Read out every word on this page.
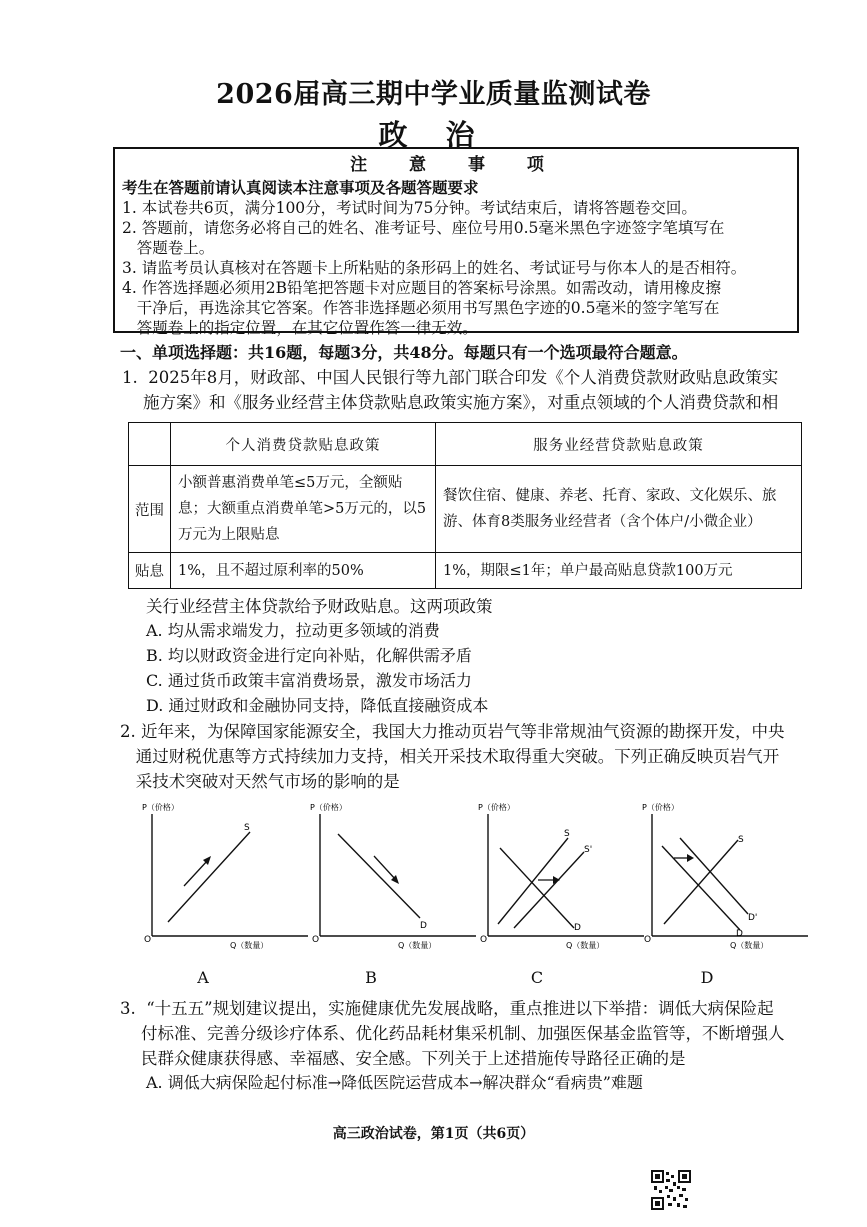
2026届高三期中学业质量监测试卷
政 治
注 意 事 项
考生在答题前请认真阅读本注意事项及各题答题要求
1. 本试卷共6页，满分100分，考试时间为75分钟。考试结束后，请将答题卷交回。
2. 答题前，请您务必将自己的姓名、准考证号、座位号用0.5毫米黑色字迹签字笔填写在
答题卷上。
3. 请监考员认真核对在答题卡上所粘贴的条形码上的姓名、考试证号与你本人的是否相符。
4. 作答选择题必须用2B铅笔把答题卡对应题目的答案标号涂黑。如需改动，请用橡皮擦
干净后，再选涂其它答案。作答非选择题必须用书写黑色字迹的0.5毫米的签字笔写在
答题卷上的指定位置，在其它位置作答一律无效。
一、单项选择题：共16题，每题3分，共48分。每题只有一个选项最符合题意。
1.  2025年8月，财政部、中国人民银行等九部门联合印发《个人消费贷款财政贴息政策实
施方案》和《服务业经营主体贷款贴息政策实施方案》，对重点领域的个人消费贷款和相
	个人消费贷款贴息政策	服务业经营贷款贴息政策
范围	小额普惠消费单笔≤5万元，全额贴息；大额重点消费单笔>5万元的，以5万元为上限贴息	餐饮住宿、健康、养老、托育、家政、文化娱乐、旅游、体育8类服务业经营者（含个体户/小微企业）
贴息	1%，且不超过原利率的50%	1%，期限≤1年；单户最高贴息贷款100万元
关行业经营主体贷款给予财政贴息。这两项政策
A. 均从需求端发力，拉动更多领域的消费
B. 均以财政资金进行定向补贴，化解供需矛盾
C. 通过货币政策丰富消费场景，激发市场活力
D. 通过财政和金融协同支持，降低直接融资成本
2. 近年来，为保障国家能源安全，我国大力推动页岩气等非常规油气资源的勘探开发，中央
通过财税优惠等方式持续加力支持，相关开采技术取得重大突破。下列正确反映页岩气开
采技术突破对天然气市场的影响的是
P（价格）
Q（数量）
O
S
A
P（价格）
Q（数量）
O
D
B
P（价格）
Q（数量）
O
S
S'
D
C
P（价格）
Q（数量）
O
S
D
D'
D
3.  “十五五”规划建议提出，实施健康优先发展战略，重点推进以下举措：调低大病保险起
付标准、完善分级诊疗体系、优化药品耗材集采机制、加强医保基金监管等，不断增强人
民群众健康获得感、幸福感、安全感。下列关于上述措施传导路径正确的是
A. 调低大病保险起付标准→降低医院运营成本→解决群众“看病贵”难题
高三政治试卷，第1页（共6页）
